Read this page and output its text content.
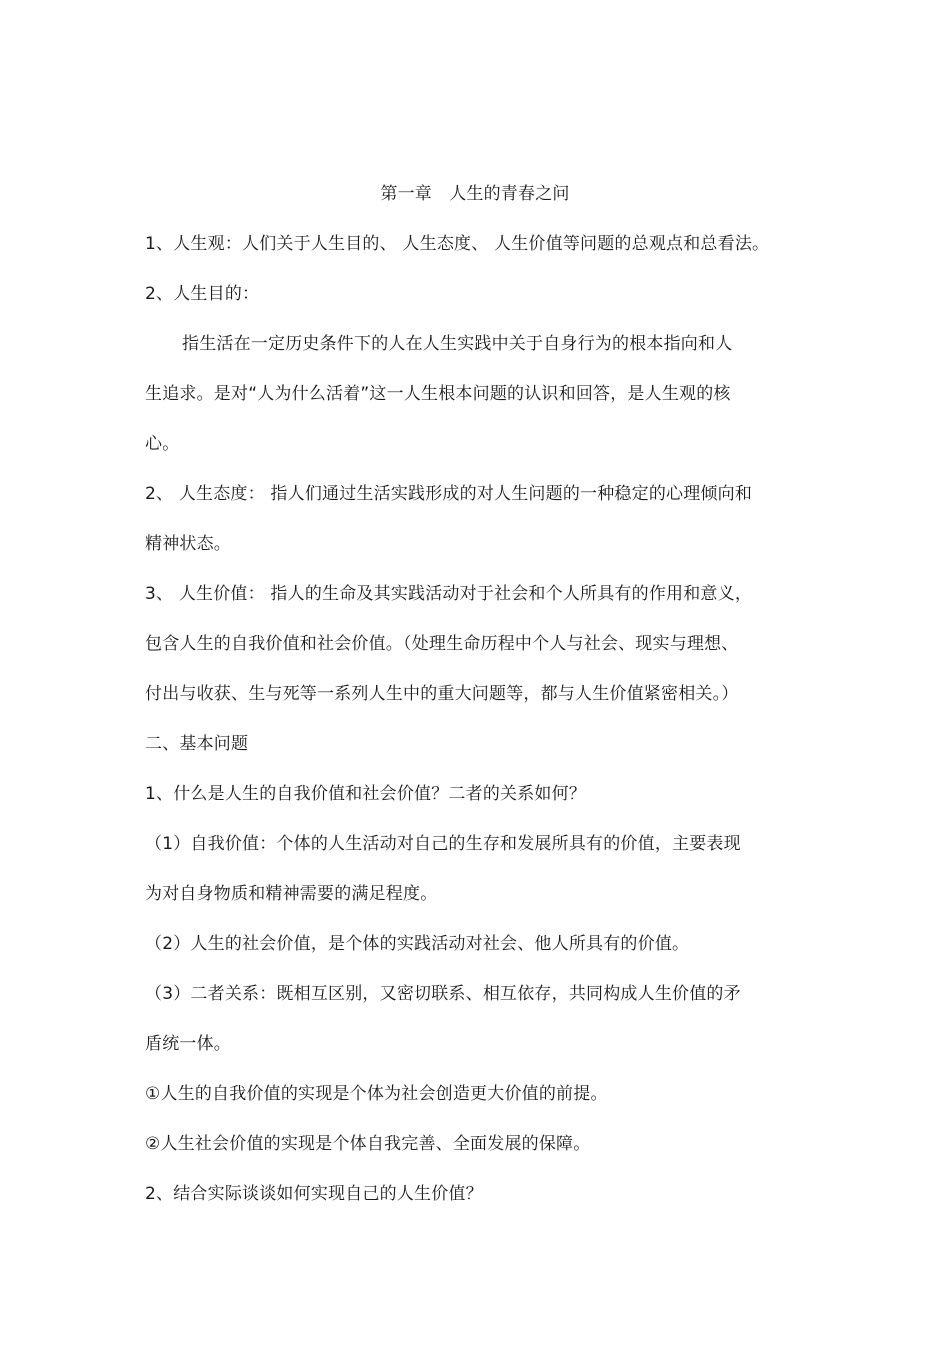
第一章　人生的青春之问
1、人生观：人们关于人生目的、 人生态度、 人生价值等问题的总观点和总看法。
2、人生目的：
指生活在一定历史条件下的人在人生实践中关于自身行为的根本指向和人
生追求。是对“人为什么活着”这一人生根本问题的认识和回答，是人生观的核
心。
2、 人生态度： 指人们通过生活实践形成的对人生问题的一种稳定的心理倾向和
精神状态。
3、 人生价值： 指人的生命及其实践活动对于社会和个人所具有的作用和意义，
包含人生的自我价值和社会价值。（处理生命历程中个人与社会、现实与理想、
付出与收获、生与死等一系列人生中的重大问题等，都与人生价值紧密相关。）
二、基本问题
1、什么是人生的自我价值和社会价值？二者的关系如何？
（1）自我价值：个体的人生活动对自己的生存和发展所具有的价值，主要表现
为对自身物质和精神需要的满足程度。
（2）人生的社会价值，是个体的实践活动对社会、他人所具有的价值。
（3）二者关系：既相互区别，又密切联系、相互依存，共同构成人生价值的矛
盾统一体。
①人生的自我价值的实现是个体为社会创造更大价值的前提。
②人生社会价值的实现是个体自我完善、全面发展的保障。
2、结合实际谈谈如何实现自己的人生价值？
